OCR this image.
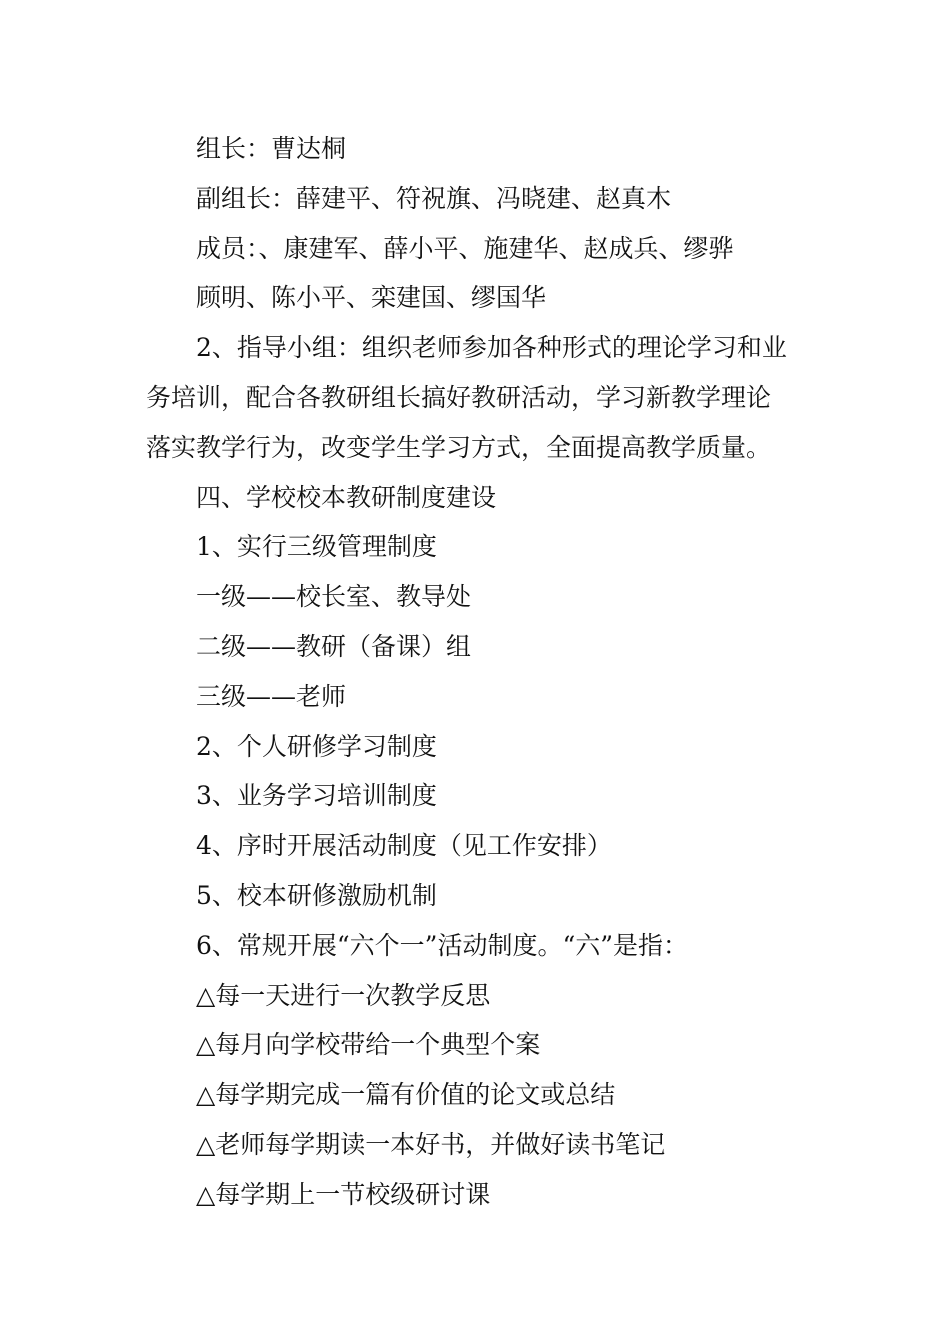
组长：曹达桐

副组长：薛建平、符祝旗、冯晓建、赵真木

成员：、康建军、薛小平、施建华、赵成兵、缪骅

顾明、陈小平、栾建国、缪国华

2、指导小组：组织老师参加各种形式的理论学习和业

务培训，配合各教研组长搞好教研活动，学习新教学理论

落实教学行为，改变学生学习方式，全面提高教学质量。

四、学校校本教研制度建设

1、实行三级管理制度

一级——校长室、教导处

二级——教研（备课）组

三级——老师

2、个人研修学习制度

3、业务学习培训制度

4、序时开展活动制度（见工作安排）

5、校本研修激励机制

6、常规开展“六个一”活动制度。“六”是指：

△每一天进行一次教学反思

△每月向学校带给一个典型个案

△每学期完成一篇有价值的论文或总结

△老师每学期读一本好书，并做好读书笔记

△每学期上一节校级研讨课
